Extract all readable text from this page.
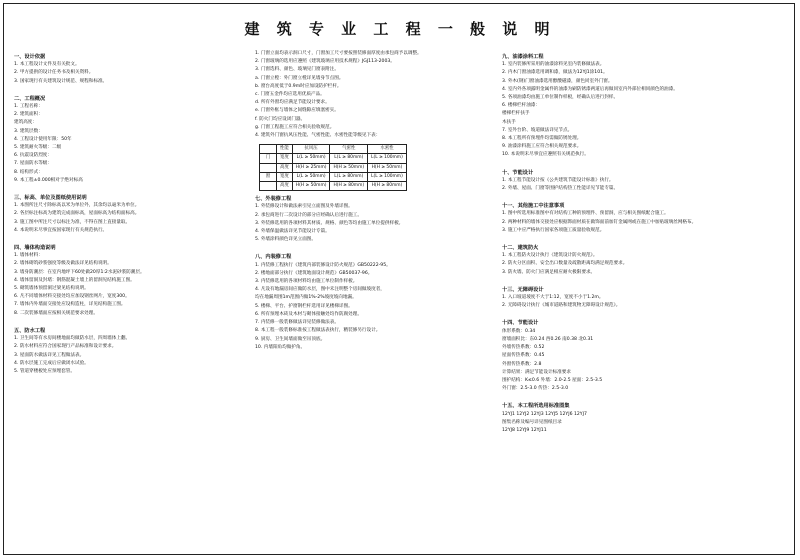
建 筑 专 业 工 程 一 般 说 明
一、设计依据
1. 本工程设计文件及有关批文。
2. 甲方提供的设计任务书及相关资料。
3. 国家现行有关建筑设计规范、规程和标准。
二、工程概况
1. 工程名称：
2. 建筑面积：
建筑高度：
3. 建筑层数：
4. 工程设计使用年限：50年
5. 建筑耐火等级：二级
6. 抗震设防烈度：
7. 屋面防水等级：
8. 结构形式：
9. 本工程±0.000相对于绝对标高
三、标高、单位及图纸使用说明
1. 本图所注尺寸除标高以米为单位外，其余均以毫米为单位。
2. 各层标注标高为建筑完成面标高，屋面标高为结构面标高。
3. 施工图中所注尺寸以标注为准，不得在图上直接量取。
4. 本说明未尽事宜按国家现行有关规范执行。
四、墙体构造说明
1. 墙体材料：
2. 墙体砌筑砂浆强度等级及做法详见结构说明。
3. 墙身防潮层：在室内地坪下60处做20厚1:2水泥砂浆防潮层。
4. 墙体留洞及封堵：钢筋混凝土墙上的留洞见结构施工图。
5. 砌筑墙体预留洞过梁见结构说明。
6. 凡不同墙体材料交接处均应加设钢丝网片，宽度300。
7. 墙体内外墙面交接处应设构造柱，详见结构施工图。
8. 二次装修墙面应按相关规范要求处理。
五、防水工程
1. 卫生间等有水房间楼地面均做防水层，四周墙体上翻。
2. 防水材料应符合国家现行产品标准和设计要求。
3. 屋面防水做法详见工程做法表。
4. 防水层施工完成后应做闭水试验。
5. 管道穿楼板处应预埋套管。
1. 门窗立面均表示洞口尺寸，门窗加工尺寸要按照装修面厚度由承包商予以调整。
2. 门窗玻璃的选用应遵照《建筑玻璃应用技术规程》JGJ113-2003。
3. 门窗选料、颜色、玻璃见门窗表附注。
a. 门窗立樘：外门窗立樘详见墙身节点图。
b. 窗台高度低于0.9m时应加设防护栏杆。
c. 门窗五金件均应选用优质产品。
d. 所有外窗均应满足节能设计要求。
e. 门窗外框与墙体之间缝隙应填塞密实。
f. 防火门均应设闭门器。
g. 门窗工程施工应符合相关验收规范。
4. 建筑外门窗抗风压性能、气密性能、水密性能等级见下表：
	性能	抗风压	气密性	水密性
门	宽度	L(L ≥ 50mm)	L(L ≥ 80mm)	L(L ≥ 100mm)
	高度	H(H ≥ 25mm)	H(H ≥ 50mm)	H(H ≥ 50mm)
窗	宽度	L(L ≥ 50mm)	L(L ≥ 80mm)	L(L ≥ 100mm)
	高度	H(H ≥ 50mm)	H(H ≥ 80mm)	H(H ≥ 80mm)
七、外装修工程
1. 外装修设计和做法索引见立面图及外墙详图。
2. 承包商进行二次设计的部分应经确认后进行施工。
3. 外装修选用的各项材料其材质、规格、颜色等均由施工单位提供样板。
4. 外墙保温做法详见节能设计专篇。
5. 外墙涂料颜色详见立面图。
八、内装修工程
1. 内装修工程执行《建筑内部装修设计防火规范》GB50222-95。
2. 楼地面部分执行《建筑地面设计规范》GB50037-96。
3. 内装修选用的各项材料均由施工单位制作样板。
4. 凡设有地漏房间应做防水层，图中未注明整个房间做坡度者，
均在地漏周围1m范围内做1%-2%坡度坡向地漏。
5. 楼梯、平台、护窗钢栏杆选用详见楼梯详图。
6. 所有预埋木砖及木材与砌体接触处均作防腐处理。
7. 内装修一般装修做法详见装修做法表。
8. 本工程一般装修标准按工程做法表执行，精装修另行设计。
9. 厨房、卫生间墙面做至吊顶底。
10. 内墙阳角均做护角。
九、油漆涂料工程
1. 室内装修所采用的油漆涂料见室内装修做法表。
2. 内木门窗油漆选用调和漆，做法为12YJ1涂101。
3. 外木(钢)门窗油漆选用醇酸磁漆，颜色同室外门窗。
4. 室内外各项露明金属件的油漆为刷防锈漆两道后再做同室内外部位相同颜色的油漆。
5. 各项油漆均由施工单位制作样板，经确认后进行封样。
6. 楼梯栏杆油漆：
楼梯栏杆扶手
木扶手
7. 室外台阶、坡道做法详见节点。
8. 本工程所有预埋件均需做防锈处理。
9. 油漆涂料施工应符合相关规范要求。
10. 本说明未尽事宜应遵照有关规范执行。
十、节能设计
1. 本工程节能设计按《公共建筑节能设计标准》执行。
2. 外墙、屋面、门窗等围护结构热工性能详见节能专篇。
十一、其他施工中注意事项
1. 图中所选用标准图中有对结构工种的预埋件、预留洞，应与相关图纸配合施工。
2. 两种材料的墙体交接处应根据饰面材质在做饰面前加钉金属网或在施工中加贴玻璃丝网格布。
3. 施工中应严格执行国家各项施工质量验收规范。
十二、建筑防火
1. 本工程防火设计执行《建筑设计防火规范》。
2. 防火分区面积、安全出口数量及疏散距离均满足规范要求。
3. 防火墙、防火门应满足相应耐火极限要求。
十三、无障碍设计
1. 入口坡道坡度不大于1:12，宽度不小于1.2m。
2. 无障碍设计执行《城市道路和建筑物无障碍设计规范》。
十四、节能设计
体形系数：0.34
窗墙面积比：东0.24 西0.26 南0.38 北0.31
外墙传热系数：0.52
屋面传热系数：0.45
外窗传热系数：2.8
计算结果：满足节能设计标准要求
围护结构：K≤0.6 外墙：2.0-2.5 屋面：2.5-3.5
外门窗：2.5-3.0 传热：2.5-3.0
十五、本工程所选用标准图集
12YJ1 12YJ2 12YJ3 12YJ5 12YJ6 12YJ7
图集名称及编号详见图纸目录
12YJ8 12YJ9 12YJ11
